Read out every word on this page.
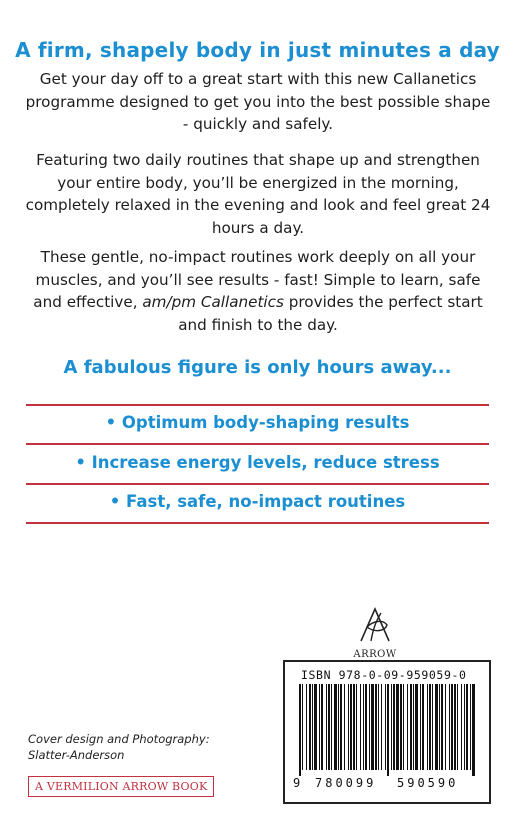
A firm, shapely body in just minutes a day
Get your day off to a great start with this new Callanetics programme designed to get you into the best possible shape - quickly and safely.
Featuring two daily routines that shape up and strengthen your entire body, you’ll be energized in the morning, completely relaxed in the evening and look and feel great 24 hours a day.
These gentle, no-impact routines work deeply on all your muscles, and you’ll see results - fast! Simple to learn, safe and effective, am/pm Callanetics provides the perfect start and finish to the day.
A fabulous figure is only hours away...
• Optimum body-shaping results
• Increase energy levels, reduce stress
• Fast, safe, no-impact routines
ARROW
ISBN 978-0-09-959059-0
9 780099 590590
Cover design and Photography:
Slatter-Anderson
A VERMILION ARROW BOOK
